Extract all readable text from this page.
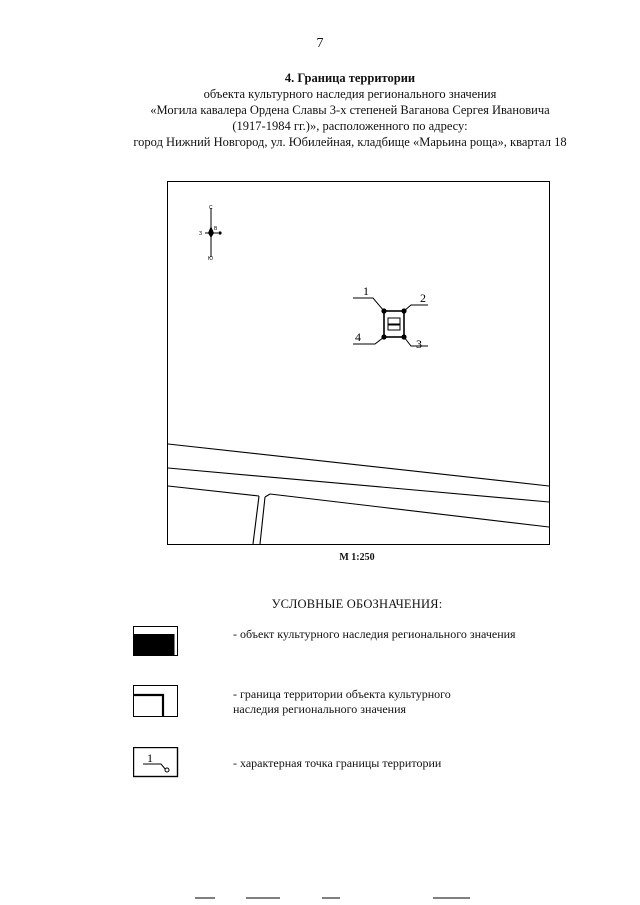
7
4. Граница территории
объекта культурного наследия регионального значения
«Могила кавалера Ордена Славы 3-х степеней Ваганова Сергея Ивановича
(1917-1984 гг.)», расположенного по адресу:
город Нижний Новгород, ул. Юбилейная, кладбище «Марьина роща», квартал 18
С
Ю
З
В
1	2
3
4
М 1:250
УСЛОВНЫЕ ОБОЗНАЧЕНИЯ:
- объект культурного наследия регионального значения
- граница территории объекта культурного
наследия регионального значения
1	- характерная точка границы территории
